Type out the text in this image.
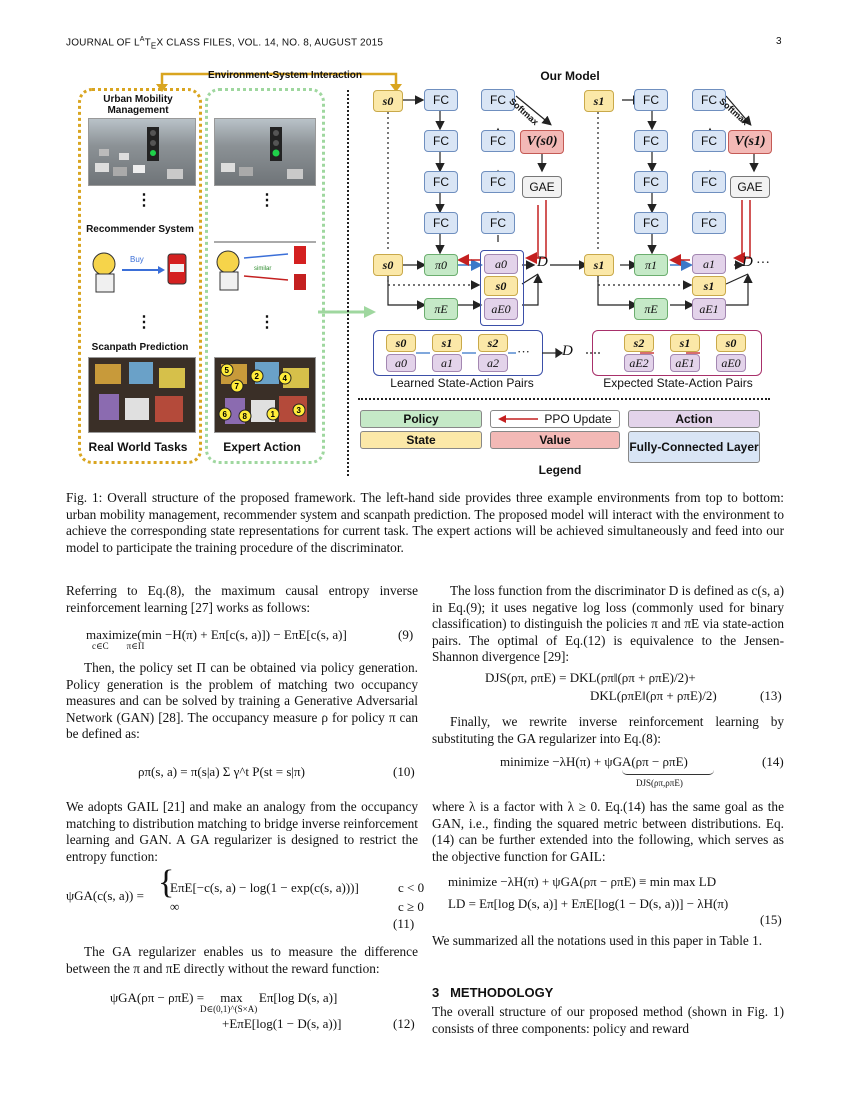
JOURNAL OF $L^AT_EX$ CLASS FILES, VOL. 14, NO. 8, AUGUST 2015	3
Environment-System Interaction	Our Model
Urban Mobility Management
⋮	⋮
Recommender System
Buy
similar
⋮	⋮
Scanpath Prediction
5
2	4
7
6 8	1	3
Real World Tasks	Expert Action
s0	FC
FC
FC
FC
FC
FC
FC
FC
Softmax
V(s0)
GAE
s0	π0	a0
s0
aE0
πE
D
s1	FC
FC
FC
FC
FC
FC
FC
FC
Softmax
V(s1)
GAE
s1	π1	a1
s1
aE1
πE
D ···
s0
a0
s1
a1
s2
a2
··· D
s2
aE2
s1
aE1
s0
aE0
Learned State-Action Pairs	Expected State-Action Pairs
Policy	PPO Update	Action
State	Value	Fully-Connected Layer
Legend
Fig. 1: Overall structure of the proposed framework. The left-hand side provides three example environments from top to bottom: urban mobility management, recommender system and scanpath prediction. The proposed model will interact with the environment to achieve the corresponding state representations for current task. The expert actions will be achieved simultaneously and feed into our model to participate the training procedure of the discriminator.
Referring to Eq.(8), the maximum causal entropy inverse reinforcement learning [27] works as follows:
maximize(min −H(π) + Eπ[c(s, a)]) − EπE[c(s, a)]
c∈C        π∈Π
(9)
Then, the policy set Π can be obtained via policy generation. Policy generation is the problem of matching two occupancy measures and can be solved by training a Generative Adversarial Network (GAN) [28]. The occupancy measure ρ for policy π can be defined as:
ρπ(s, a) = π(s|a) Σ γ^t P(st = s|π)	(10)
We adopts GAIL [21] and make an analogy from the occupancy matching to distribution matching to bridge inverse reinforcement learning and GAN. A GA regularizer is designed to restrict the entropy function:
ψGA(c(s, a)) = {
EπE[−c(s, a) − log(1 − exp(c(s, a)))]	c < 0
∞	c ≥ 0
(11)
The GA regularizer enables us to measure the difference between the π and πE directly without the reward function:
ψGA(ρπ − ρπE) =     max     Eπ[log D(s, a)]
D∈(0,1)^(S×A)
+EπE[log(1 − D(s, a))]	(12)
The loss function from the discriminator D is defined as c(s, a) in Eq.(9); it uses negative log loss (commonly used for binary classification) to distinguish the policies π and πE via state-action pairs. The optimal of Eq.(12) is equivalence to the Jensen-Shannon divergence [29]:
DJS(ρπ, ρπE) = DKL(ρπ‖(ρπ + ρπE)/2)+
DKL(ρπE‖(ρπ + ρπE)/2)	(13)
Finally, we rewrite inverse reinforcement learning by substituting the GA regularizer into Eq.(8):
minimize −λH(π) + ψGA(ρπ − ρπE)
DJS(ρπ,ρπE)
(14)
where λ is a factor with λ ≥ 0. Eq.(14) has the same goal as the GAN, i.e., finding the squared metric between distributions. Eq.(14) can be further extended into the following, which serves as the objective function for GAIL:
minimize −λH(π) + ψGA(ρπ − ρπE) ≡ min max LD
LD = Eπ[log D(s, a)] + EπE[log(1 − D(s, a))] − λH(π)
(15)
We summarized all the notations used in this paper in Table 1.
3 METHODOLOGY
The overall structure of our proposed method (shown in Fig. 1) consists of three components: policy and reward
